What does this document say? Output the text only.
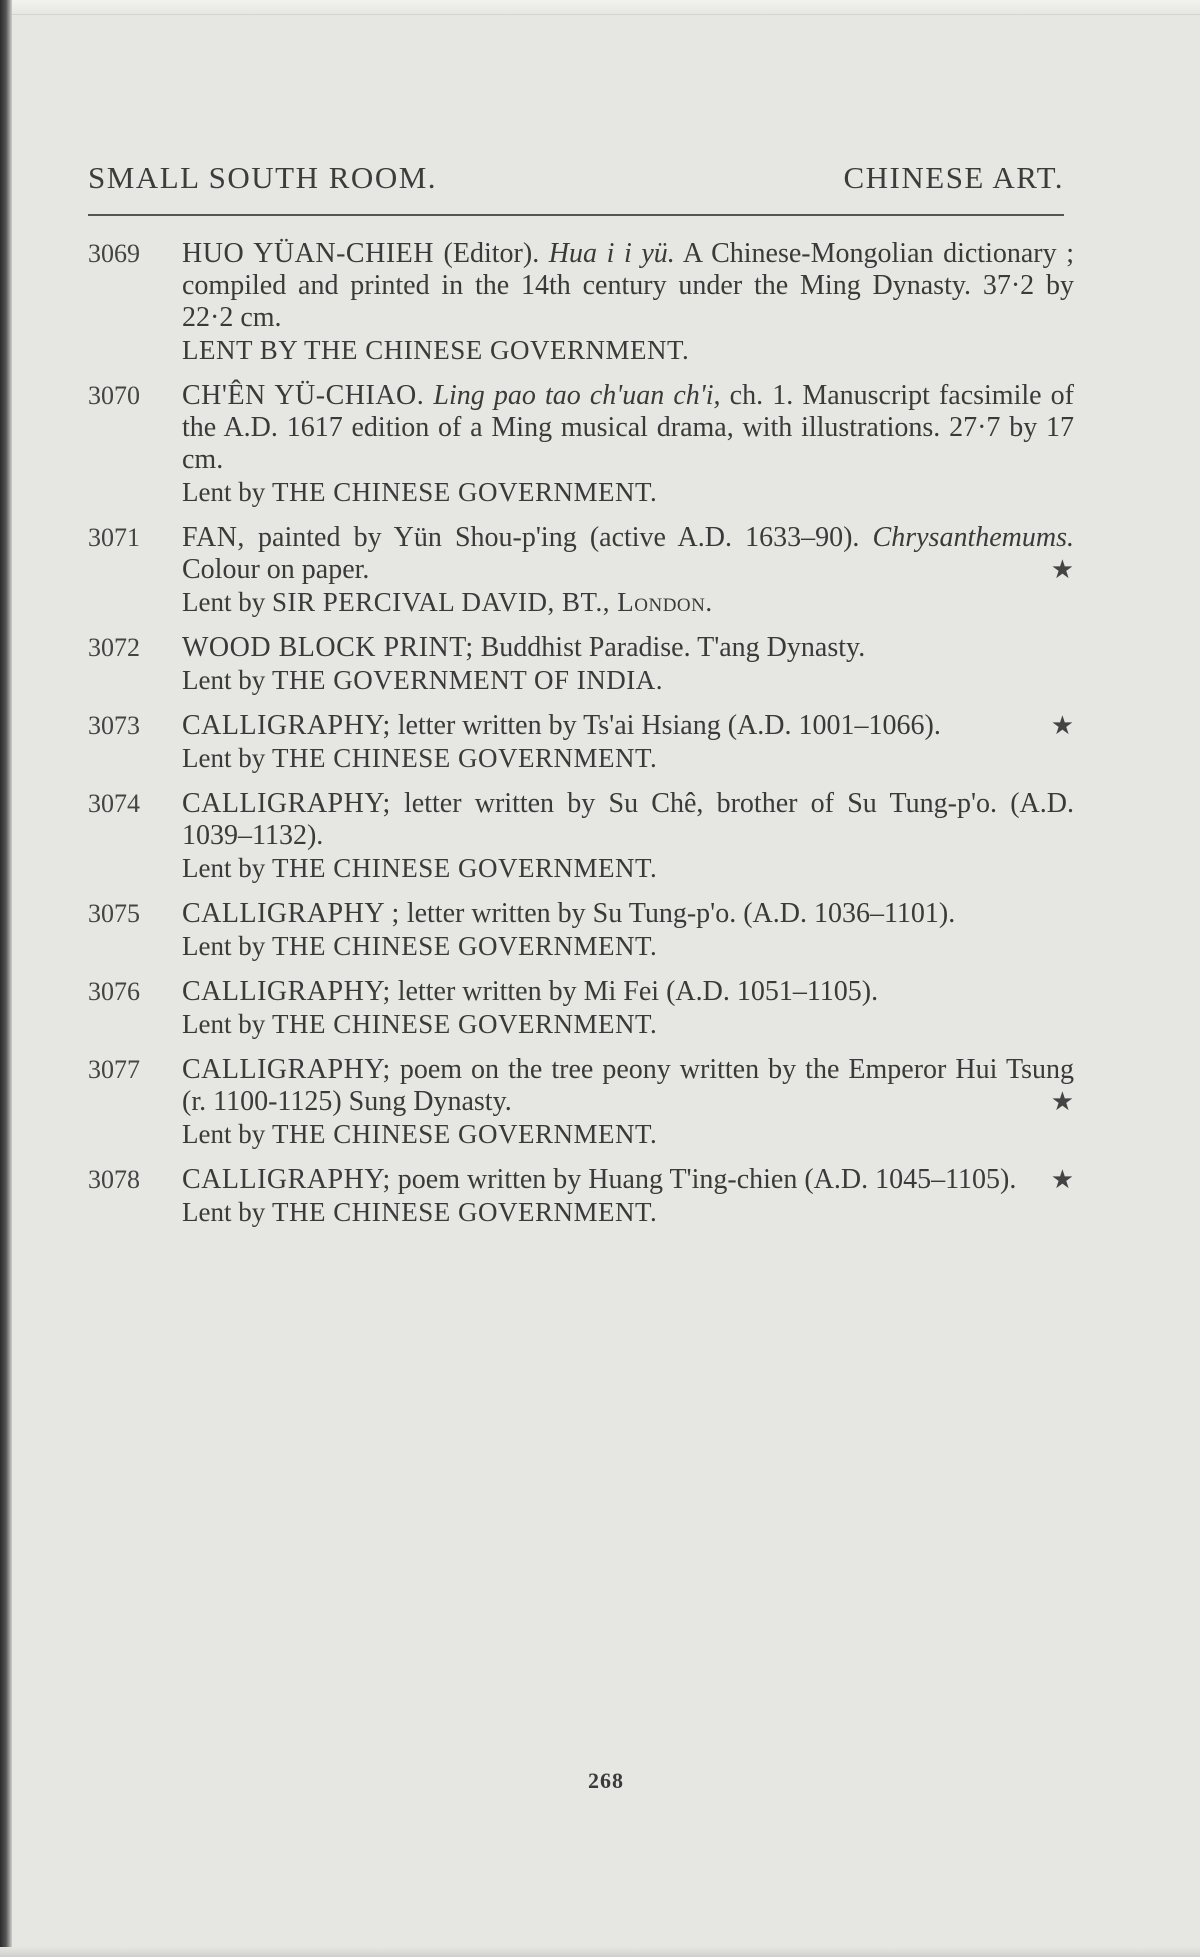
SMALL SOUTH ROOM.	CHINESE ART.
3069 HUO YÜAN-CHIEH (Editor). Hua i i yü. A Chinese-Mongolian dictionary ; compiled and printed in the 14th century under the Ming Dynasty. 37·2 by 22·2 cm.
LENT BY THE CHINESE GOVERNMENT.
3070 CH'ÊN YÜ-CHIAO. Ling pao tao ch'uan ch'i, ch. 1. Manuscript facsimile of the A.D. 1617 edition of a Ming musical drama, with illustrations. 27·7 by 17 cm.
Lent by THE CHINESE GOVERNMENT.
3071 FAN, painted by Yün Shou-p'ing (active A.D. 1633–90). Chrysanthemums. Colour on paper.	★
Lent by SIR PERCIVAL DAVID, BT., London.
3072 WOOD BLOCK PRINT; Buddhist Paradise. T'ang Dynasty.
Lent by THE GOVERNMENT OF INDIA.
3073 CALLIGRAPHY; letter written by Ts'ai Hsiang (A.D. 1001–1066).	★
Lent by THE CHINESE GOVERNMENT.
3074 CALLIGRAPHY; letter written by Su Chê, brother of Su Tung-p'o. (A.D. 1039–1132).
Lent by THE CHINESE GOVERNMENT.
3075 CALLIGRAPHY ; letter written by Su Tung-p'o. (A.D. 1036–1101).
Lent by THE CHINESE GOVERNMENT.
3076 CALLIGRAPHY; letter written by Mi Fei (A.D. 1051–1105).
Lent by THE CHINESE GOVERNMENT.
3077 CALLIGRAPHY; poem on the tree peony written by the Emperor Hui Tsung (r. 1100-1125) Sung Dynasty.	★
Lent by THE CHINESE GOVERNMENT.
3078 CALLIGRAPHY; poem written by Huang T'ing-chien (A.D. 1045–1105). ★
Lent by THE CHINESE GOVERNMENT.
268
